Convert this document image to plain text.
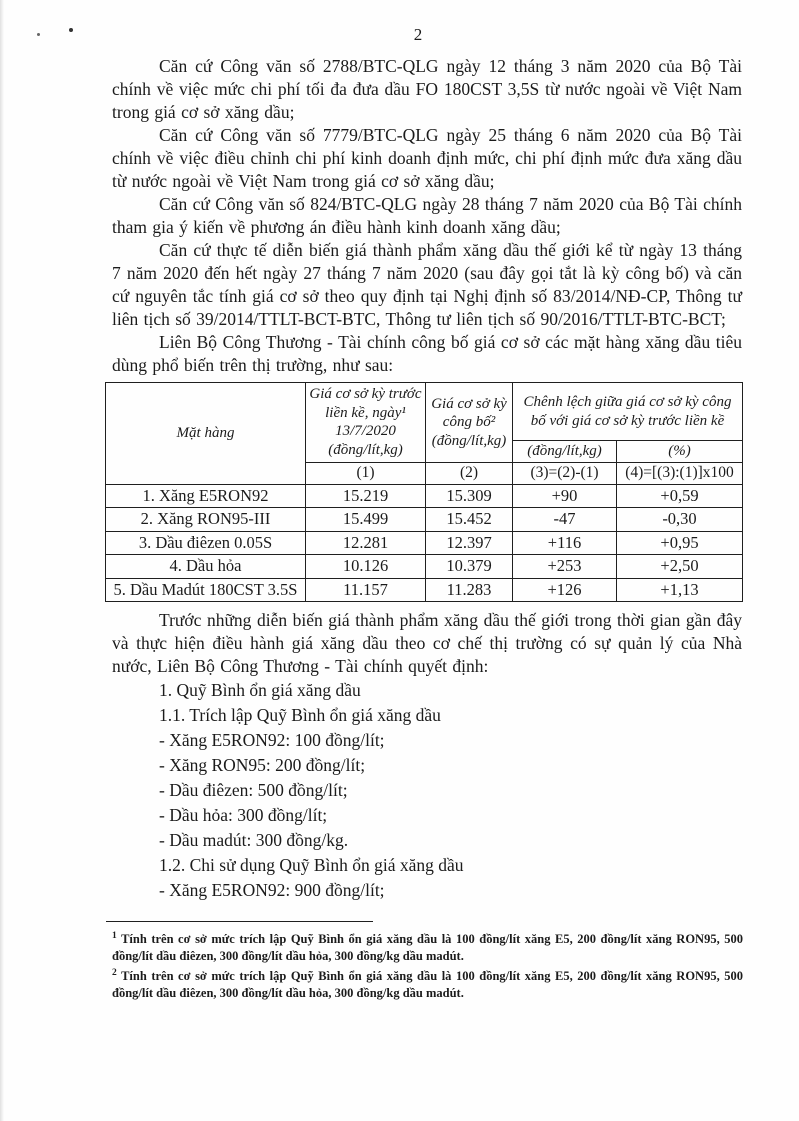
2

Căn cứ Công văn số 2788/BTC-QLG ngày 12 tháng 3 năm 2020 của Bộ Tài chính về việc mức chi phí tối đa đưa dầu FO 180CST 3,5S từ nước ngoài về Việt Nam trong giá cơ sở xăng dầu;

Căn cứ Công văn số 7779/BTC-QLG ngày 25 tháng 6 năm 2020 của Bộ Tài chính về việc điều chỉnh chi phí kinh doanh định mức, chi phí định mức đưa xăng dầu từ nước ngoài về Việt Nam trong giá cơ sở xăng dầu;

Căn cứ Công văn số 824/BTC-QLG ngày 28 tháng 7 năm 2020 của Bộ Tài chính tham gia ý kiến về phương án điều hành kinh doanh xăng dầu;

Căn cứ thực tế diễn biến giá thành phẩm xăng dầu thế giới kể từ ngày 13 tháng 7 năm 2020 đến hết ngày 27 tháng 7 năm 2020 (sau đây gọi tắt là kỳ công bố) và căn cứ nguyên tắc tính giá cơ sở theo quy định tại Nghị định số 83/2014/NĐ-CP, Thông tư liên tịch số 39/2014/TTLT-BCT-BTC, Thông tư liên tịch số 90/2016/TTLT-BTC-BCT;

Liên Bộ Công Thương - Tài chính công bố giá cơ sở các mặt hàng xăng dầu tiêu dùng phổ biến trên thị trường, như sau:

Mặt hàng	Giá cơ sở kỳ trước liền kề, ngày¹ 13/7/2020 (đồng/lít,kg)	Giá cơ sở kỳ công bố² (đồng/lít,kg)	Chênh lệch giữa giá cơ sở kỳ công bố với giá cơ sở kỳ trước liền kề	
			(đồng/lít,kg)	(%)
	(1)	(2)	(3)=(2)-(1)	(4)=[(3):(1)]x100
1. Xăng E5RON92	15.219	15.309	+90	+0,59
2. Xăng RON95-III	15.499	15.452	-47	-0,30
3. Dầu điêzen 0.05S	12.281	12.397	+116	+0,95
4. Dầu hỏa	10.126	10.379	+253	+2,50
5. Dầu Madút 180CST 3.5S	11.157	11.283	+126	+1,13

Trước những diễn biến giá thành phẩm xăng dầu thế giới trong thời gian gần đây và thực hiện điều hành giá xăng dầu theo cơ chế thị trường có sự quản lý của Nhà nước, Liên Bộ Công Thương - Tài chính quyết định:

1. Quỹ Bình ổn giá xăng dầu
1.1. Trích lập Quỹ Bình ổn giá xăng dầu
- Xăng E5RON92: 100 đồng/lít;
- Xăng RON95: 200 đồng/lít;
- Dầu điêzen: 500 đồng/lít;
- Dầu hỏa: 300 đồng/lít;
- Dầu madút: 300 đồng/kg.
1.2. Chi sử dụng Quỹ Bình ổn giá xăng dầu
- Xăng E5RON92: 900 đồng/lít;

$^1$ Tính trên cơ sở mức trích lập Quỹ Bình ổn giá xăng dầu là 100 đồng/lít xăng E5, 200 đồng/lít xăng RON95, 500 đồng/lít dầu điêzen, 300 đồng/lít dầu hỏa, 300 đồng/kg dầu madút.

$^2$ Tính trên cơ sở mức trích lập Quỹ Bình ổn giá xăng dầu là 100 đồng/lít xăng E5, 200 đồng/lít xăng RON95, 500 đồng/lít dầu điêzen, 300 đồng/lít dầu hỏa, 300 đồng/kg dầu madút.
